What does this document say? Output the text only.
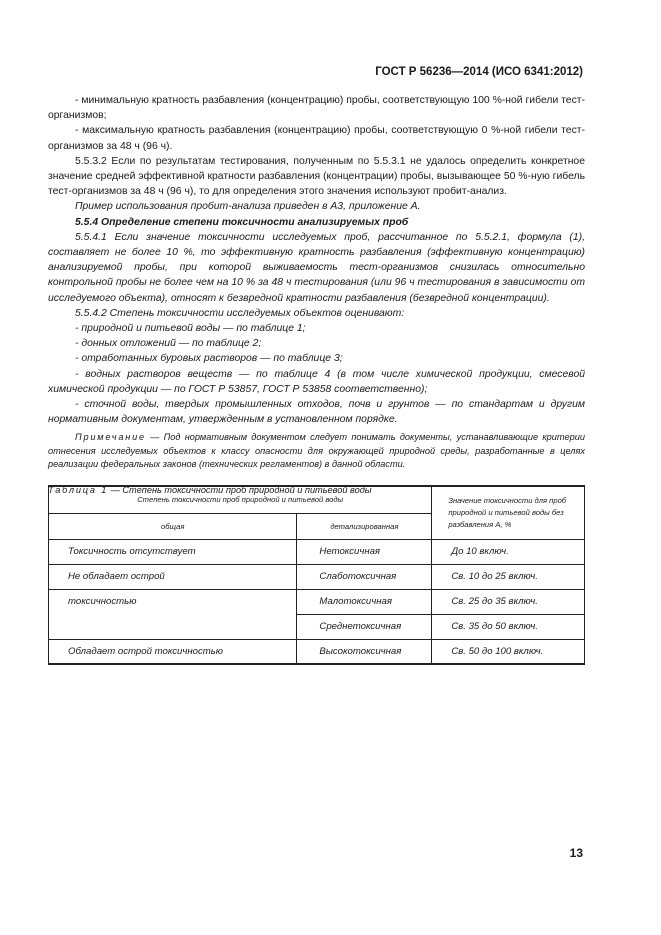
ГОСТ Р 56236—2014 (ИСО 6341:2012)

- минимальную кратность разбавления (концентрацию) пробы, соответствующую 100 %-ной гибели тест-организмов;

- максимальную кратность разбавления (концентрацию) пробы, соответствующую 0 %-ной гибели тест-организмов за 48 ч (96 ч).

5.5.3.2 Если по результатам тестирования, полученным по 5.5.3.1 не удалось определить конкретное значение средней эффективной кратности разбавления (концентрации) пробы, вызывающее 50 %-ную гибель тест-организмов за 48 ч (96 ч), то для определения этого значения используют пробит-анализ.

Пример использования пробит-анализа приведен в А3, приложение А.

5.5.4 Определение степени токсичности анализируемых проб

5.5.4.1 Если значение токсичности исследуемых проб, рассчитанное по 5.5.2.1, формула (1), составляет не более 10 %, то эффективную кратность разбавления (эффективную концентрацию) анализируемой пробы, при которой выживаемость тест-организмов снизилась относительно контрольной пробы не более чем на 10 % за 48 ч тестирования (или 96 ч тестирования в зависимости от исследуемого объекта), относят к безвредной кратности разбавления (безвредной концентрации).

5.5.4.2 Степень токсичности исследуемых объектов оценивают:

- природной и питьевой воды — по таблице 1;

- донных отложений — по таблице 2;

- отработанных буровых растворов — по таблице 3;

- водных растворов веществ — по таблице 4 (в том числе химической продукции, смесевой химической продукции — по ГОСТ Р 53857, ГОСТ Р 53858 соответственно);

- сточной воды, твердых промышленных отходов, почв и грунтов — по стандартам и другим нормативным документам, утвержденным в установленном порядке.

Примечание — Под нормативным документом следует понимать документы, устанавливающие критерии отнесения исследуемых объектов к классу опасности для окружающей природной среды, разработанные в целях реализации федеральных законов (технических регламентов) в данной области.

Таблица 1 — Степень токсичности проб природной и питьевой воды

Степень токсичности проб природной и питьевой воды		Значение токсичности для проб природной и питьевой воды без разбавления А, %
общая	детализированная	
Токсичность отсутствует	Нетоксичная	До 10 включ.
Не обладает острой	Слаботоксичная	Св. 10 до 25 включ.
токсичностью	Малотоксичная	Св. 25 до 35 включ.
	Среднетоксичная	Св. 35 до 50 включ.
Обладает острой токсичностью	Высокотоксичная	Св. 50 до 100 включ.
13
